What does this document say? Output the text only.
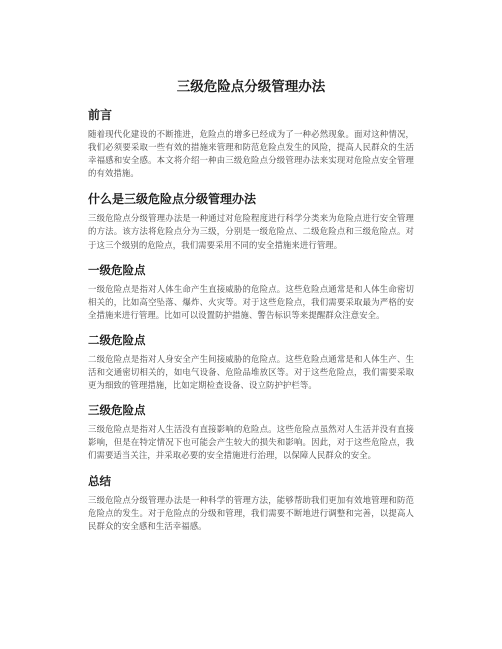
三级危险点分级管理办法
前言

随着现代化建设的不断推进，危险点的增多已经成为了一种必然现象。面对这种情况，我们必须要采取一些有效的措施来管理和防范危险点发生的风险，提高人民群众的生活幸福感和安全感。本文将介绍一种由三级危险点分级管理办法来实现对危险点安全管理的有效措施。

什么是三级危险点分级管理办法

三级危险点分级管理办法是一种通过对危险程度进行科学分类来为危险点进行安全管理的方法。该方法将危险点分为三级，分别是一级危险点、二级危险点和三级危险点。对于这三个级别的危险点，我们需要采用不同的安全措施来进行管理。

一级危险点

一级危险点是指对人体生命产生直接威胁的危险点。这些危险点通常是和人体生命密切相关的，比如高空坠落、爆炸、火灾等。对于这些危险点，我们需要采取最为严格的安全措施来进行管理。比如可以设置防护措施、警告标识等来提醒群众注意安全。

二级危险点

二级危险点是指对人身安全产生间接威胁的危险点。这些危险点通常是和人体生产、生活和交通密切相关的，如电气设备、危险品堆放区等。对于这些危险点，我们需要采取更为细致的管理措施，比如定期检查设备、设立防护护栏等。

三级危险点

三级危险点是指对人生活没有直接影响的危险点。这些危险点虽然对人生活并没有直接影响，但是在特定情况下也可能会产生较大的损失和影响。因此，对于这些危险点，我们需要适当关注，并采取必要的安全措施进行治理，以保障人民群众的安全。

总结

三级危险点分级管理办法是一种科学的管理方法，能够帮助我们更加有效地管理和防范危险点的发生。对于危险点的分级和管理，我们需要不断地进行调整和完善，以提高人民群众的安全感和生活幸福感。
